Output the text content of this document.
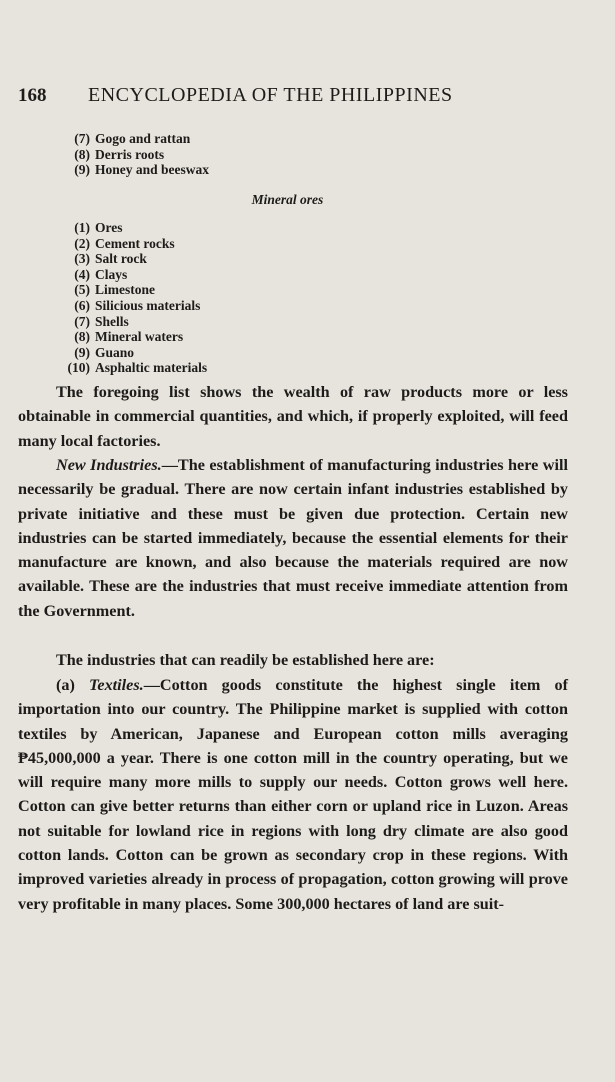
168	ENCYCLOPEDIA OF THE PHILIPPINES
(7) Gogo and rattan
(8) Derris roots
(9) Honey and beeswax
Mineral ores
(1) Ores
(2) Cement rocks
(3) Salt rock
(4) Clays
(5) Limestone
(6) Silicious materials
(7) Shells
(8) Mineral waters
(9) Guano
(10) Asphaltic materials

The foregoing list shows the wealth of raw products more or less obtainable in commercial quantities, and which, if properly exploited, will feed many local factories.

New Industries.—The establishment of manufacturing industries here will necessarily be gradual. There are now certain infant industries established by private initiative and these must be given due protection. Certain new industries can be started immediately, because the essential elements for their manufacture are known, and also because the materials required are now available. These are the industries that must receive immediate attention from the Government.

The industries that can readily be established here are:

(a) Textiles.—Cotton goods constitute the highest single item of importation into our country. The Philippine market is supplied with cotton textiles by American, Japanese and European cotton mills averaging ₱45,000,000 a year. There is one cotton mill in the country operating, but we will require many more mills to supply our needs. Cotton grows well here. Cotton can give better returns than either corn or upland rice in Luzon. Areas not suitable for lowland rice in regions with long dry climate are also good cotton lands. Cotton can be grown as secondary crop in these regions. With improved varieties already in process of propagation, cotton growing will prove very profitable in many places. Some 300,000 hectares of land are suit-
